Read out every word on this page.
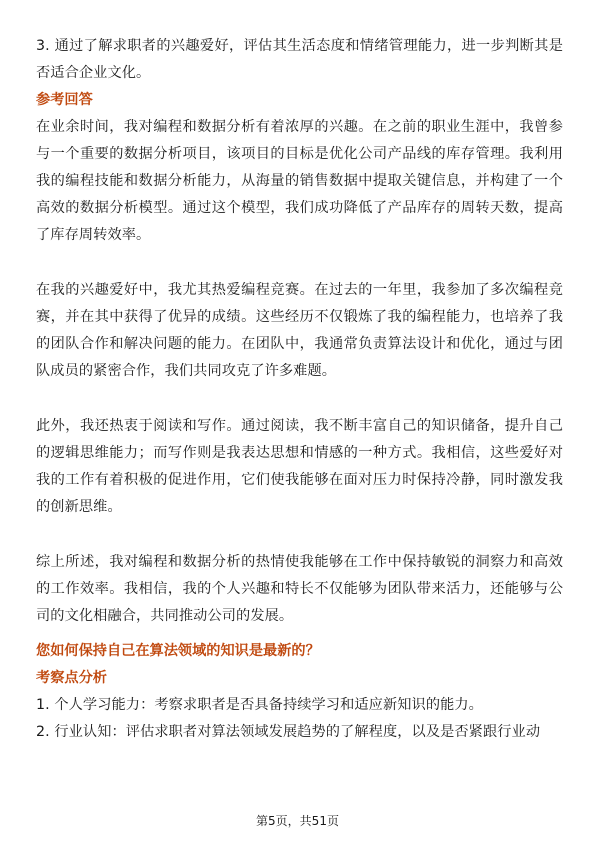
3. 通过了解求职者的兴趣爱好，评估其生活态度和情绪管理能力，进一步判断其是否适合企业文化。

参考回答

在业余时间，我对编程和数据分析有着浓厚的兴趣。在之前的职业生涯中，我曾参与一个重要的数据分析项目，该项目的目标是优化公司产品线的库存管理。我利用我的编程技能和数据分析能力，从海量的销售数据中提取关键信息，并构建了一个高效的数据分析模型。通过这个模型，我们成功降低了产品库存的周转天数，提高了库存周转效率。

在我的兴趣爱好中，我尤其热爱编程竞赛。在过去的一年里，我参加了多次编程竞赛，并在其中获得了优异的成绩。这些经历不仅锻炼了我的编程能力，也培养了我的团队合作和解决问题的能力。在团队中，我通常负责算法设计和优化，通过与团队成员的紧密合作，我们共同攻克了许多难题。

此外，我还热衷于阅读和写作。通过阅读，我不断丰富自己的知识储备，提升自己的逻辑思维能力；而写作则是我表达思想和情感的一种方式。我相信，这些爱好对我的工作有着积极的促进作用，它们使我能够在面对压力时保持冷静，同时激发我的创新思维。

综上所述，我对编程和数据分析的热情使我能够在工作中保持敏锐的洞察力和高效的工作效率。我相信，我的个人兴趣和特长不仅能够为团队带来活力，还能够与公司的文化相融合，共同推动公司的发展。

您如何保持自己在算法领域的知识是最新的？

考察点分析

1. 个人学习能力：考察求职者是否具备持续学习和适应新知识的能力。

2. 行业认知：评估求职者对算法领域发展趋势的了解程度，以及是否紧跟行业动

第5页，共51页
